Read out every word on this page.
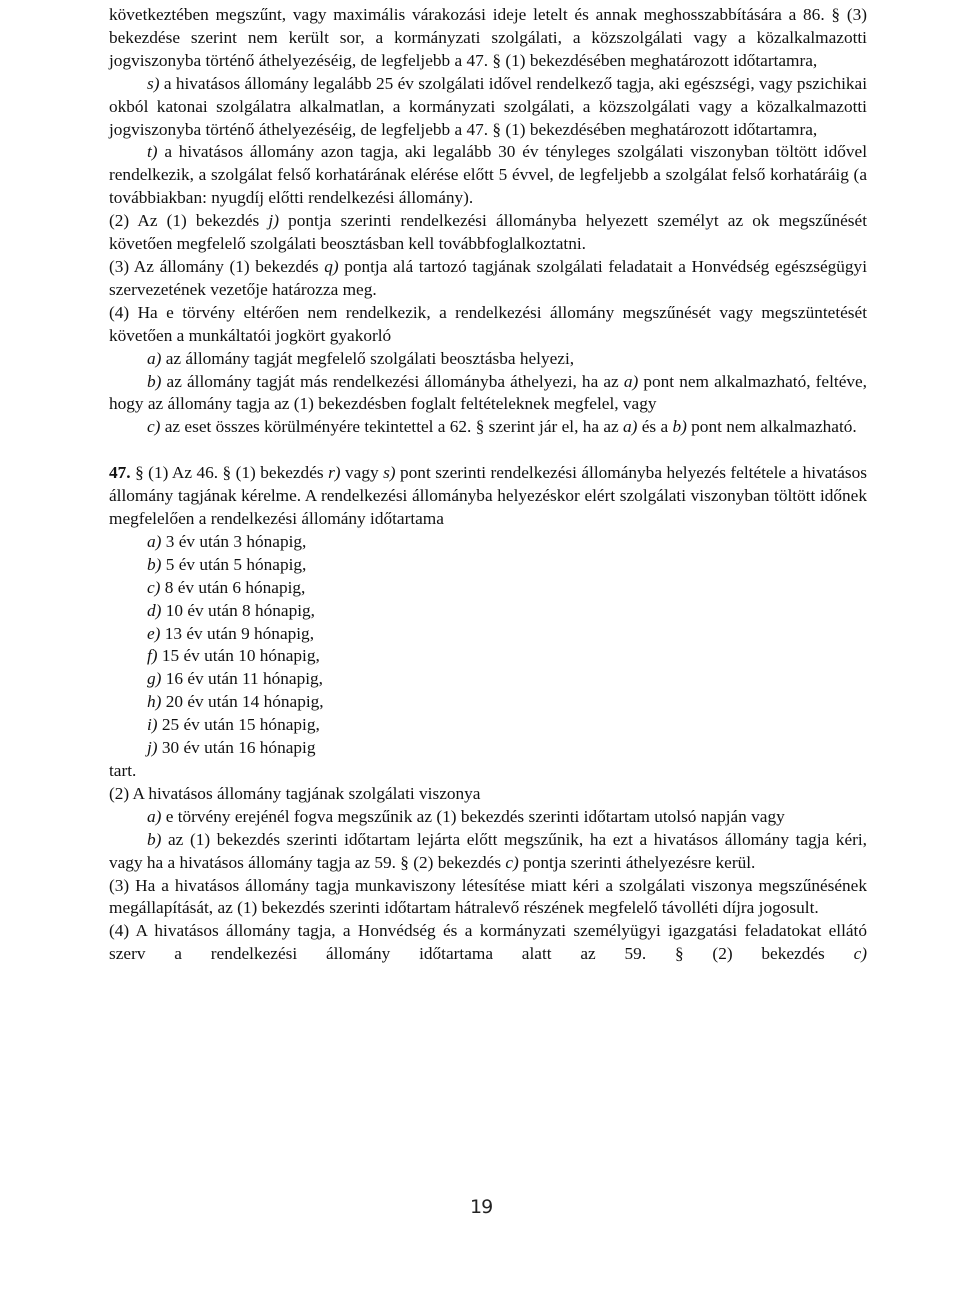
következtében megszűnt, vagy maximális várakozási ideje letelt és annak meghosszabbítására a 86. § (3) bekezdése szerint nem került sor, a kormányzati szolgálati, a közszolgálati vagy a közalkalmazotti jogviszonyba történő áthelyezéséig, de legfeljebb a 47. § (1) bekezdésében meghatározott időtartamra,

s) a hivatásos állomány legalább 25 év szolgálati idővel rendelkező tagja, aki egészségi, vagy pszichikai okból katonai szolgálatra alkalmatlan, a kormányzati szolgálati, a közszolgálati vagy a közalkalmazotti jogviszonyba történő áthelyezéséig, de legfeljebb a 47. § (1) bekezdésében meghatározott időtartamra,

t) a hivatásos állomány azon tagja, aki legalább 30 év tényleges szolgálati viszonyban töltött idővel rendelkezik, a szolgálat felső korhatárának elérése előtt 5 évvel, de legfeljebb a szolgálat felső korhatáráig (a továbbiakban: nyugdíj előtti rendelkezési állomány).

(2) Az (1) bekezdés j) pontja szerinti rendelkezési állományba helyezett személyt az ok megszűnését követően megfelelő szolgálati beosztásban kell továbbfoglalkoztatni.

(3) Az állomány (1) bekezdés q) pontja alá tartozó tagjának szolgálati feladatait a Honvédség egészségügyi szervezetének vezetője határozza meg.

(4) Ha e törvény eltérően nem rendelkezik, a rendelkezési állomány megszűnését vagy megszüntetését követően a munkáltatói jogkört gyakorló

a) az állomány tagját megfelelő szolgálati beosztásba helyezi,

b) az állomány tagját más rendelkezési állományba áthelyezi, ha az a) pont nem alkalmazható, feltéve, hogy az állomány tagja az (1) bekezdésben foglalt feltételeknek megfelel, vagy

c) az eset összes körülményére tekintettel a 62. § szerint jár el, ha az a) és a b) pont nem alkalmazható.

47. § (1) Az 46. § (1) bekezdés r) vagy s) pont szerinti rendelkezési állományba helyezés feltétele a hivatásos állomány tagjának kérelme. A rendelkezési állományba helyezéskor elért szolgálati viszonyban töltött időnek megfelelően a rendelkezési állomány időtartama

a) 3 év után 3 hónapig,

b) 5 év után 5 hónapig,

c) 8 év után 6 hónapig,

d) 10 év után 8 hónapig,

e) 13 év után 9 hónapig,

f) 15 év után 10 hónapig,

g) 16 év után 11 hónapig,

h) 20 év után 14 hónapig,

i) 25 év után 15 hónapig,

j) 30 év után 16 hónapig

tart.

(2) A hivatásos állomány tagjának szolgálati viszonya

a) e törvény erejénél fogva megszűnik az (1) bekezdés szerinti időtartam utolsó napján vagy

b) az (1) bekezdés szerinti időtartam lejárta előtt megszűnik, ha ezt a hivatásos állomány tagja kéri, vagy ha a hivatásos állomány tagja az 59. § (2) bekezdés c) pontja szerinti áthelyezésre kerül.

(3) Ha a hivatásos állomány tagja munkaviszony létesítése miatt kéri a szolgálati viszonya megszűnésének megállapítását, az (1) bekezdés szerinti időtartam hátralevő részének megfelelő távolléti díjra jogosult.

(4) A hivatásos állomány tagja, a Honvédség és a kormányzati személyügyi igazgatási feladatokat ellátó szerv a rendelkezési állomány időtartama alatt az 59. § (2) bekezdés c)

19
